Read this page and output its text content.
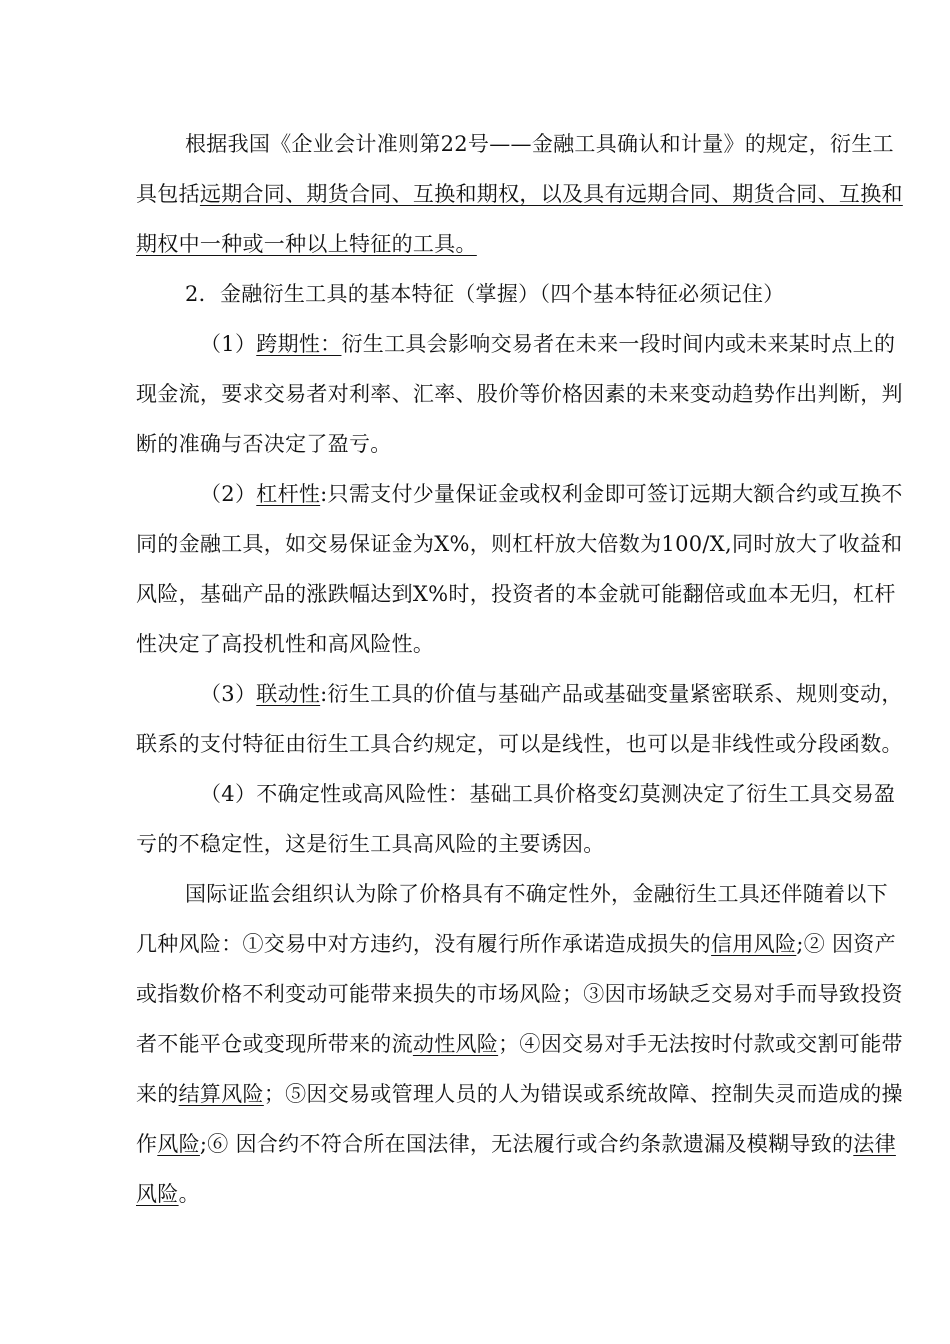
根据我国《企业会计准则第22号——金融工具确认和计量》的规定，衍生工
具包括远期合同、期货合同、互换和期权，以及具有远期合同、期货合同、互换和
期权中一种或一种以上特征的工具。
2．金融衍生工具的基本特征（掌握）（四个基本特征必须记住）
（1）跨期性：衍生工具会影响交易者在未来一段时间内或未来某时点上的
现金流，要求交易者对利率、汇率、股价等价格因素的未来变动趋势作出判断，判
断的准确与否决定了盈亏。
（2）杠杆性:只需支付少量保证金或权利金即可签订远期大额合约或互换不
同的金融工具，如交易保证金为X%，则杠杆放大倍数为100/X,同时放大了收益和
风险，基础产品的涨跌幅达到X%时，投资者的本金就可能翻倍或血本无归，杠杆
性决定了高投机性和高风险性。
（3）联动性:衍生工具的价值与基础产品或基础变量紧密联系、规则变动，
联系的支付特征由衍生工具合约规定，可以是线性，也可以是非线性或分段函数。
（4）不确定性或高风险性：基础工具价格变幻莫测决定了衍生工具交易盈
亏的不稳定性，这是衍生工具高风险的主要诱因。
国际证监会组织认为除了价格具有不确定性外，金融衍生工具还伴随着以下
几种风险：①交易中对方违约，没有履行所作承诺造成损失的信用风险;② 因资产
或指数价格不利变动可能带来损失的市场风险；③因市场缺乏交易对手而导致投资
者不能平仓或变现所带来的流动性风险；④因交易对手无法按时付款或交割可能带
来的结算风险；⑤因交易或管理人员的人为错误或系统故障、控制失灵而造成的操
作风险;⑥ 因合约不符合所在国法律，无法履行或合约条款遗漏及模糊导致的法律
风险。
